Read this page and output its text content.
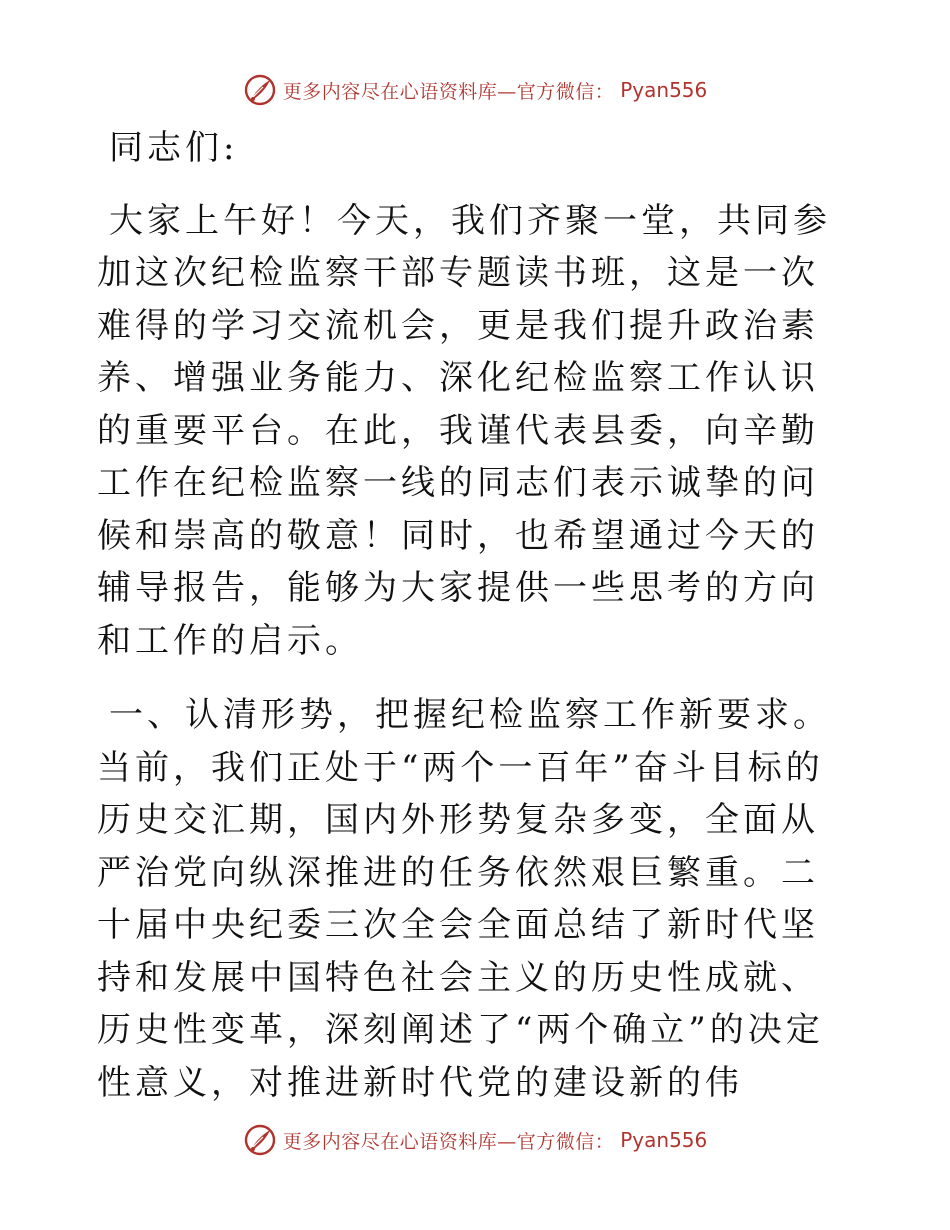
更多内容尽在心语资料库—官方微信： Pyan556

同志们:

大家上午好！今天，我们齐聚一堂，共同参加这次纪检监察干部专题读书班，这是一次难得的学习交流机会，更是我们提升政治素养、增强业务能力、深化纪检监察工作认识的重要平台。在此，我谨代表县委，向辛勤工作在纪检监察一线的同志们表示诚挚的问候和崇高的敬意！同时，也希望通过今天的辅导报告，能够为大家提供一些思考的方向和工作的启示。

一、认清形势，把握纪检监察工作新要求。当前，我们正处于“两个一百年”奋斗目标的历史交汇期，国内外形势复杂多变，全面从严治党向纵深推进的任务依然艰巨繁重。二十届中央纪委三次全会全面总结了新时代坚持和发展中国特色社会主义的历史性成就、历史性变革，深刻阐述了“两个确立”的决定性意义，对推进新时代党的建设新的伟

更多内容尽在心语资料库—官方微信： Pyan556
